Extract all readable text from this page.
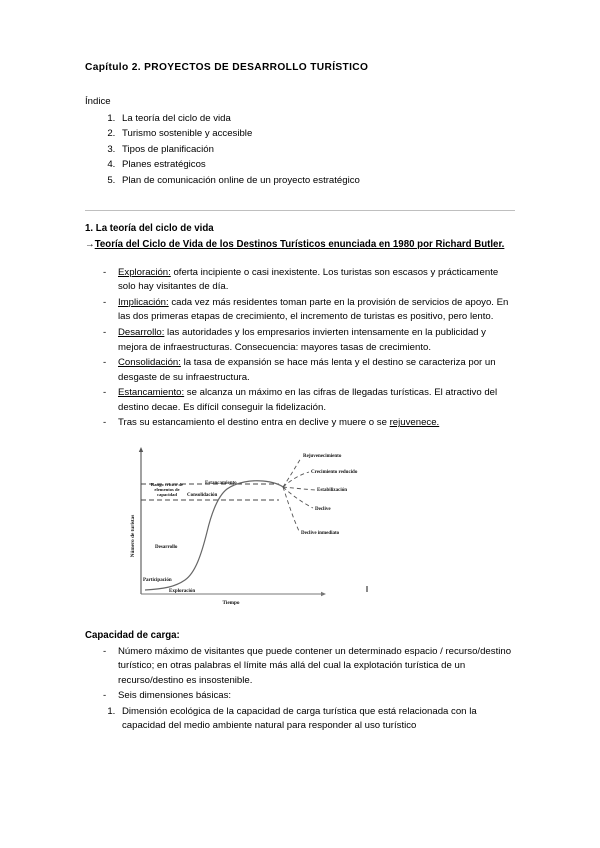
Capítulo 2. PROYECTOS DE DESARROLLO TURÍSTICO
Índice
1. La teoría del ciclo de vida
2. Turismo sostenible y accesible
3. Tipos de planificación
4. Planes estratégicos
5. Plan de comunicación online de un proyecto estratégico
1. La teoría del ciclo de vida
→Teoría del Ciclo de Vida de los Destinos Turísticos enunciada en 1980 por Richard Butler.
- Exploración: oferta incipiente o casi inexistente. Los turistas son escasos y prácticamente solo hay visitantes de día.
- Implicación: cada vez más residentes toman parte en la provisión de servicios de apoyo. En las dos primeras etapas de crecimiento, el incremento de turistas es positivo, pero lento.
- Desarrollo: las autoridades y los empresarios invierten intensamente en la publicidad y mejora de infraestructuras. Consecuencia: mayores tasas de crecimiento.
- Consolidación: la tasa de expansión se hace más lenta y el destino se caracteriza por un desgaste de su infraestructura.
- Estancamiento: se alcanza un máximo en las cifras de llegadas turísticas. El atractivo del destino decae. Es difícil conseguir la fidelización.
- Tras su estancamiento el destino entra en declive y muere o se rejuvenece.
Número de turistas
Tiempo
Rango crítico de
elementos de
capacidad
Exploración
Participación
Desarrollo
Consolidación
Estancamiento
Rejuvenecimiento
Crecimiento reducido
Estabilización
Declive
Declive inmediato
Capacidad de carga:
- Número máximo de visitantes que puede contener un determinado espacio / recurso/destino turístico; en otras palabras el límite más allá del cual la explotación turística de un recurso/destino es insostenible.
- Seis dimensiones básicas:
1. Dimensión ecológica de la capacidad de carga turística que está relacionada con la capacidad del medio ambiente natural para responder al uso turístico
